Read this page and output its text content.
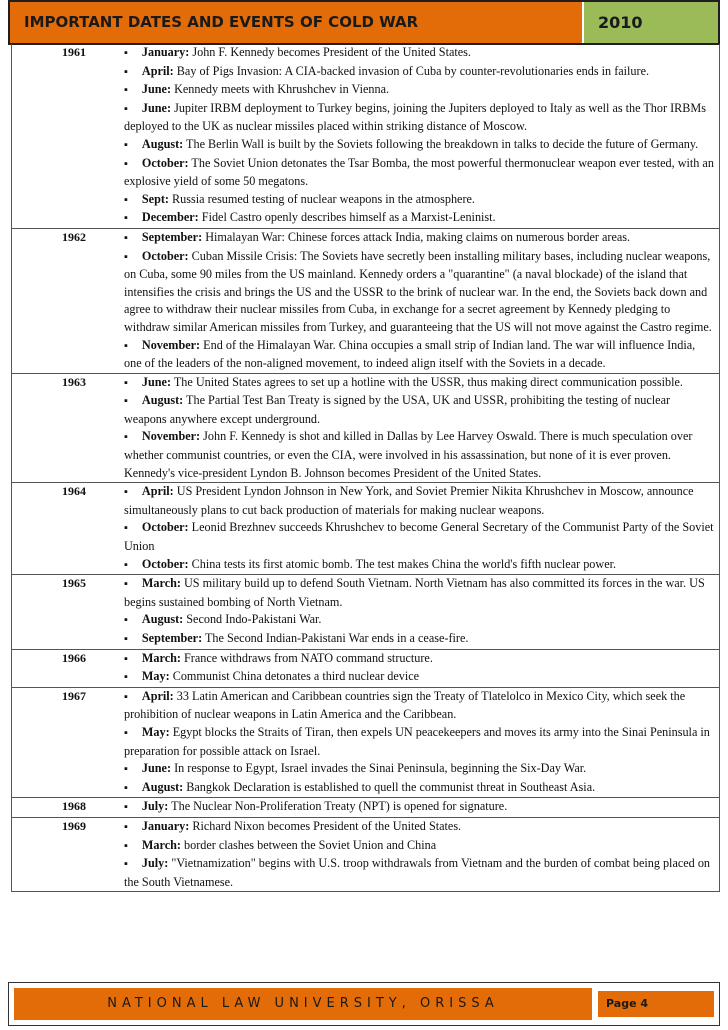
IMPORTANT DATES AND EVENTS OF COLD WAR	2010
1961	▪ January: John F. Kennedy becomes President of the United States.

▪ April: Bay of Pigs Invasion: A CIA-backed invasion of Cuba by counter-revolutionaries ends in failure.

▪ June: Kennedy meets with Khrushchev in Vienna.

▪ June: Jupiter IRBM deployment to Turkey begins, joining the Jupiters deployed to Italy as well as the Thor IRBMs deployed to the UK as nuclear missiles placed within striking distance of Moscow.

▪ August: The Berlin Wall is built by the Soviets following the breakdown in talks to decide the future of Germany.

▪ October: The Soviet Union detonates the Tsar Bomba, the most powerful thermonuclear weapon ever tested, with an explosive yield of some 50 megatons.

▪ Sept: Russia resumed testing of nuclear weapons in the atmosphere.

▪ December: Fidel Castro openly describes himself as a Marxist-Leninist.

1962	▪ September: Himalayan War: Chinese forces attack India, making claims on numerous border areas.

▪ October: Cuban Missile Crisis: The Soviets have secretly been installing military bases, including nuclear weapons, on Cuba, some 90 miles from the US mainland. Kennedy orders a "quarantine" (a naval blockade) of the island that intensifies the crisis and brings the US and the USSR to the brink of nuclear war. In the end, the Soviets back down and agree to withdraw their nuclear missiles from Cuba, in exchange for a secret agreement by Kennedy pledging to withdraw similar American missiles from Turkey, and guaranteeing that the US will not move against the Castro regime.

▪ November: End of the Himalayan War. China occupies a small strip of Indian land. The war will influence India, one of the leaders of the non-aligned movement, to indeed align itself with the Soviets in a decade.

1963	▪ June: The United States agrees to set up a hotline with the USSR, thus making direct communication possible.

▪ August: The Partial Test Ban Treaty is signed by the USA, UK and USSR, prohibiting the testing of nuclear weapons anywhere except underground.

▪ November: John F. Kennedy is shot and killed in Dallas by Lee Harvey Oswald. There is much speculation over whether communist countries, or even the CIA, were involved in his assassination, but none of it is ever proven. Kennedy's vice-president Lyndon B. Johnson becomes President of the United States.

1964	▪ April: US President Lyndon Johnson in New York, and Soviet Premier Nikita Khrushchev in Moscow, announce simultaneously plans to cut back production of materials for making nuclear weapons.

▪ October: Leonid Brezhnev succeeds Khrushchev to become General Secretary of the Communist Party of the Soviet Union

▪ October: China tests its first atomic bomb. The test makes China the world's fifth nuclear power.

1965	▪ March: US military build up to defend South Vietnam. North Vietnam has also committed its forces in the war. US begins sustained bombing of North Vietnam.

▪ August: Second Indo-Pakistani War.

▪ September: The Second Indian-Pakistani War ends in a cease-fire.

1966	▪ March: France withdraws from NATO command structure.

▪ May: Communist China detonates a third nuclear device

1967	▪ April: 33 Latin American and Caribbean countries sign the Treaty of Tlatelolco in Mexico City, which seek the prohibition of nuclear weapons in Latin America and the Caribbean.

▪ May: Egypt blocks the Straits of Tiran, then expels UN peacekeepers and moves its army into the Sinai Peninsula in preparation for possible attack on Israel.

▪ June: In response to Egypt, Israel invades the Sinai Peninsula, beginning the Six-Day War.

▪ August: Bangkok Declaration is established to quell the communist threat in Southeast Asia.

1968	▪ July: The Nuclear Non-Proliferation Treaty (NPT) is opened for signature.

1969	▪ January: Richard Nixon becomes President of the United States.

▪ March: border clashes between the Soviet Union and China

▪ July: "Vietnamization" begins with U.S. troop withdrawals from Vietnam and the burden of combat being placed on the South Vietnamese.

NATIONAL LAW UNIVERSITY, ORISSA	Page 4
